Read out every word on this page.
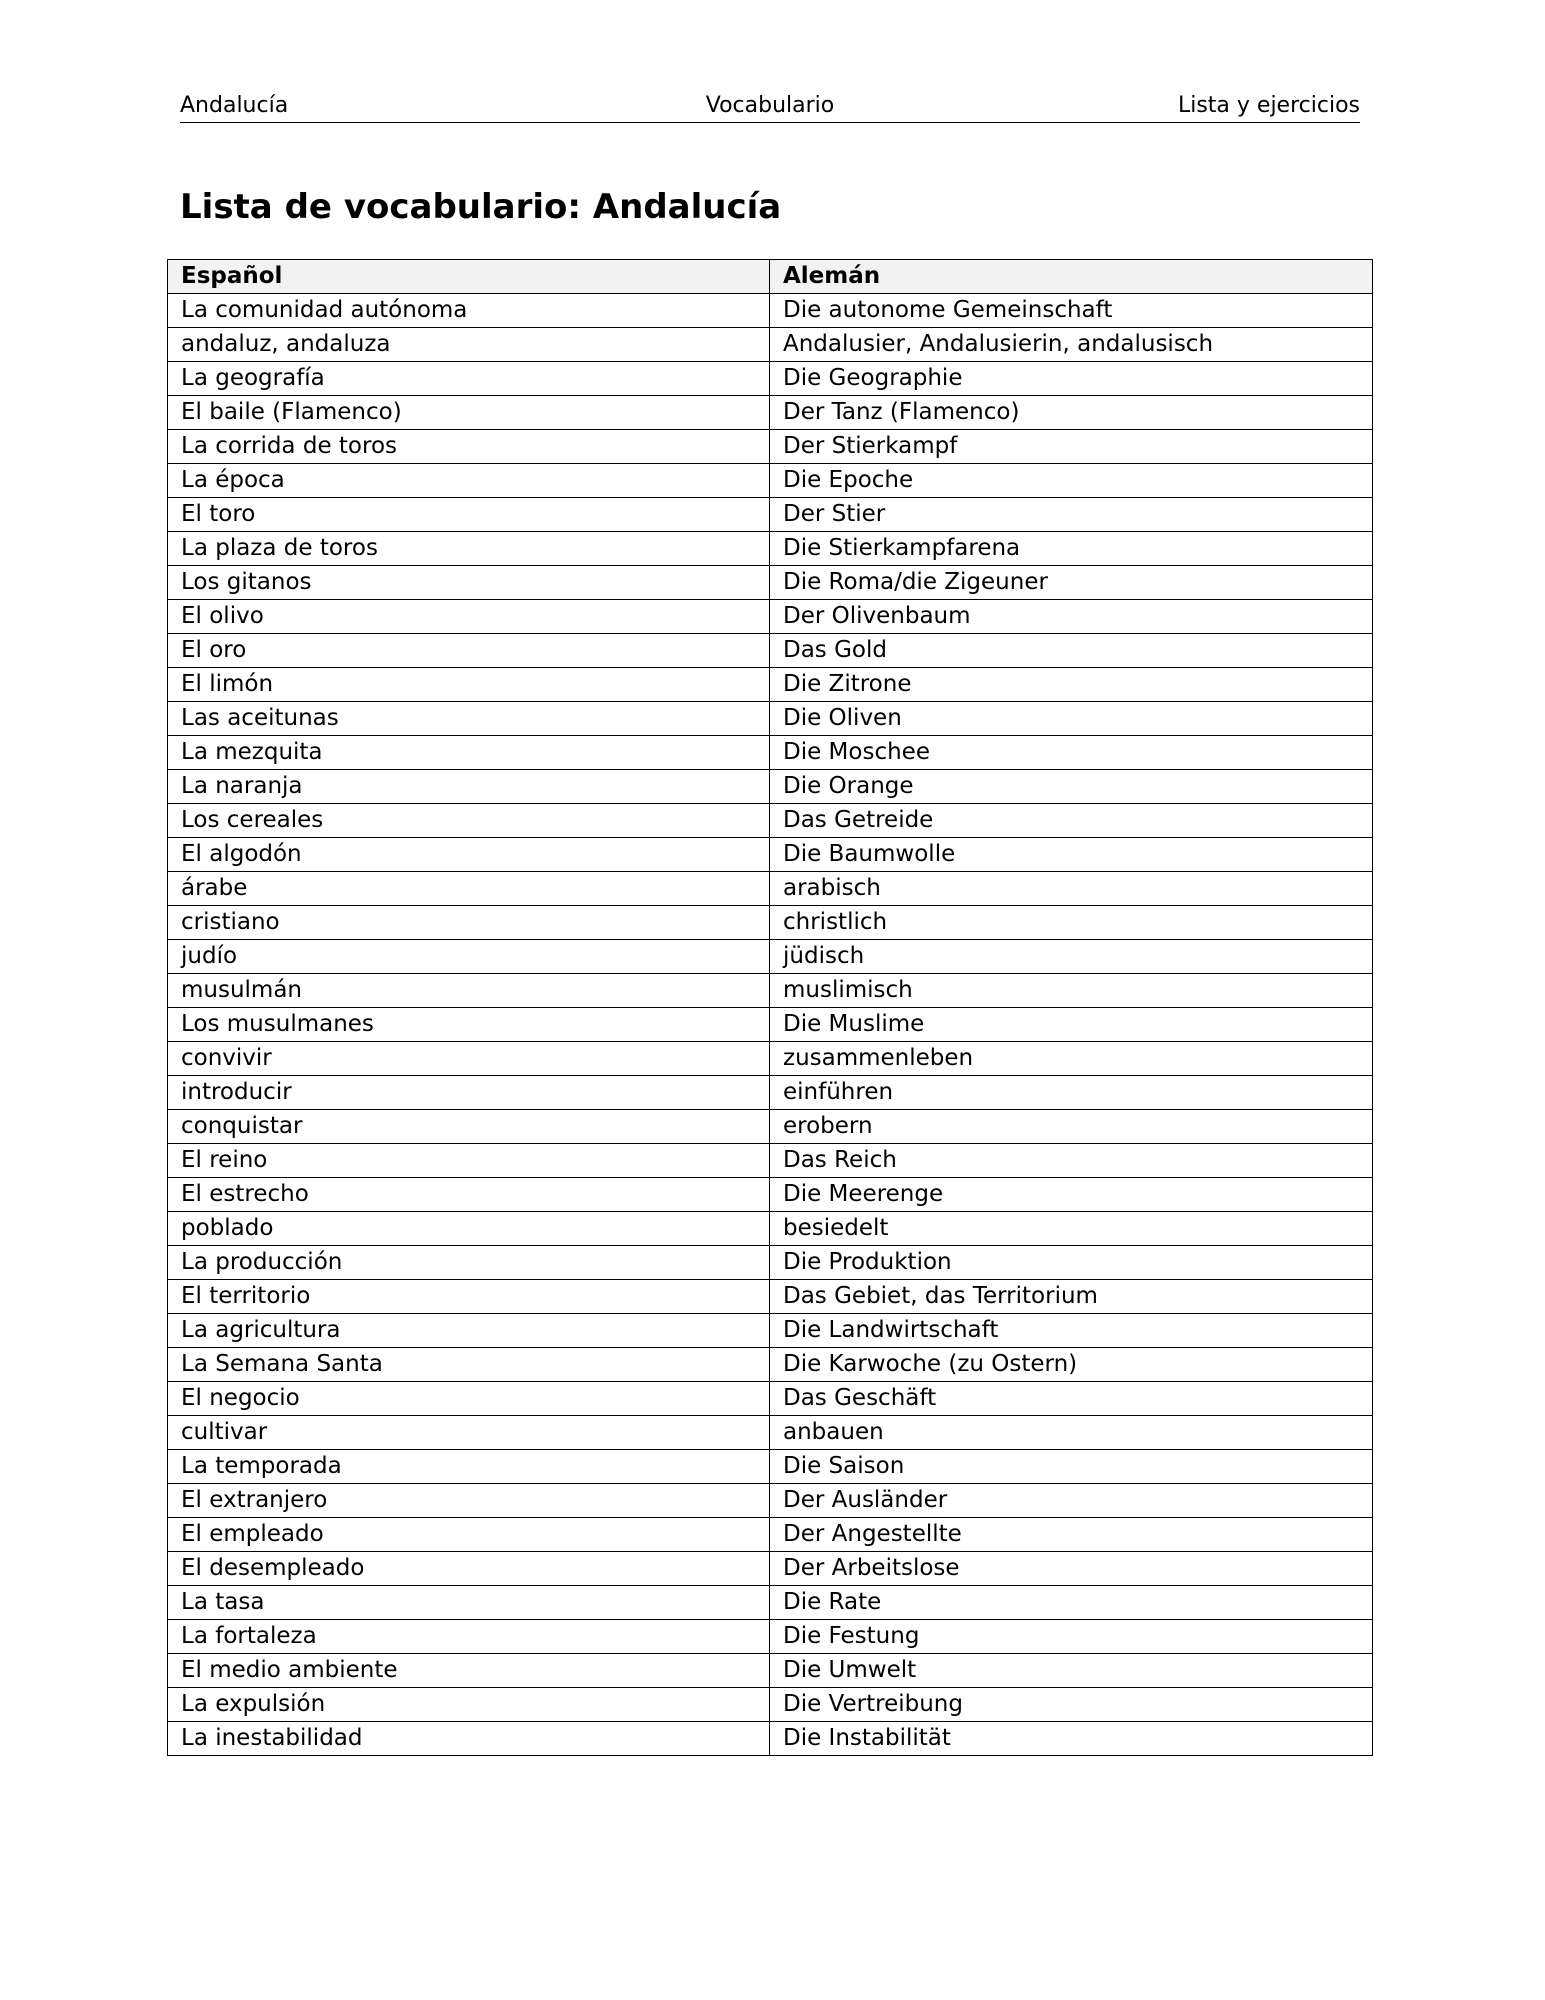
Andalucía	Vocabulario	Lista y ejercicios
Lista de vocabulario: Andalucía
Español	Alemán
La comunidad autónoma	Die autonome Gemeinschaft
andaluz, andaluza	Andalusier, Andalusierin, andalusisch
La geografía	Die Geographie
El baile (Flamenco)	Der Tanz (Flamenco)
La corrida de toros	Der Stierkampf
La época	Die Epoche
El toro	Der Stier
La plaza de toros	Die Stierkampfarena
Los gitanos	Die Roma/die Zigeuner
El olivo	Der Olivenbaum
El oro	Das Gold
El limón	Die Zitrone
Las aceitunas	Die Oliven
La mezquita	Die Moschee
La naranja	Die Orange
Los cereales	Das Getreide
El algodón	Die Baumwolle
árabe	arabisch
cristiano	christlich
judío	jüdisch
musulmán	muslimisch
Los musulmanes	Die Muslime
convivir	zusammenleben
introducir	einführen
conquistar	erobern
El reino	Das Reich
El estrecho	Die Meerenge
poblado	besiedelt
La producción	Die Produktion
El territorio	Das Gebiet, das Territorium
La agricultura	Die Landwirtschaft
La Semana Santa	Die Karwoche (zu Ostern)
El negocio	Das Geschäft
cultivar	anbauen
La temporada	Die Saison
El extranjero	Der Ausländer
El empleado	Der Angestellte
El desempleado	Der Arbeitslose
La tasa	Die Rate
La fortaleza	Die Festung
El medio ambiente	Die Umwelt
La expulsión	Die Vertreibung
La inestabilidad	Die Instabilität
